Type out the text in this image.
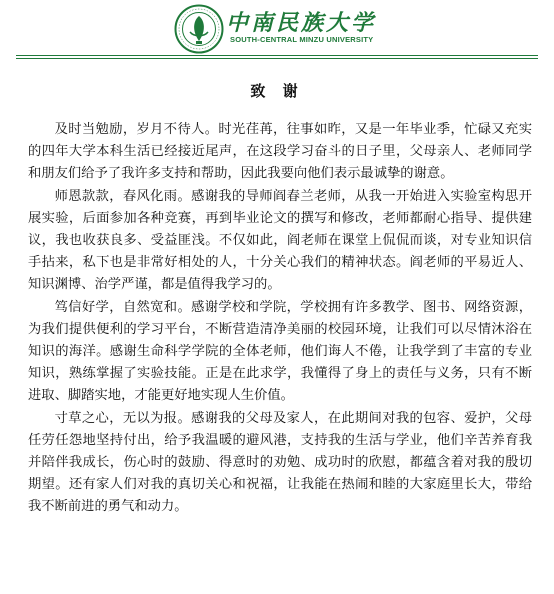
中南民族大学
SOUTH-CENTRAL MINZU UNIVERSITY
致 谢

及时当勉励，岁月不待人。时光荏苒，往事如昨，又是一年毕业季，忙碌又充实的四年大学本科生活已经接近尾声，在这段学习奋斗的日子里，父母亲人、老师同学和朋友们给予了我许多支持和帮助，因此我要向他们表示最诚挚的谢意。

师恩款款，春风化雨。感谢我的导师阎春兰老师，从我一开始进入实验室构思开展实验，后面参加各种竞赛，再到毕业论文的撰写和修改，老师都耐心指导、提供建议，我也收获良多、受益匪浅。不仅如此，阎老师在课堂上侃侃而谈，对专业知识信手拈来，私下也是非常好相处的人，十分关心我们的精神状态。阎老师的平易近人、知识渊博、治学严谨，都是值得我学习的。

笃信好学，自然宽和。感谢学校和学院，学校拥有许多教学、图书、网络资源，为我们提供便利的学习平台，不断营造清净美丽的校园环境，让我们可以尽情沐浴在知识的海洋。感谢生命科学学院的全体老师，他们诲人不倦，让我学到了丰富的专业知识，熟练掌握了实验技能。正是在此求学，我懂得了身上的责任与义务，只有不断进取、脚踏实地，才能更好地实现人生价值。

寸草之心，无以为报。感谢我的父母及家人，在此期间对我的包容、爱护，父母任劳任怨地坚持付出，给予我温暖的避风港，支持我的生活与学业，他们辛苦养育我并陪伴我成长，伤心时的鼓励、得意时的劝勉、成功时的欣慰，都蕴含着对我的殷切期望。还有家人们对我的真切关心和祝福，让我能在热闹和睦的大家庭里长大，带给我不断前进的勇气和动力。
